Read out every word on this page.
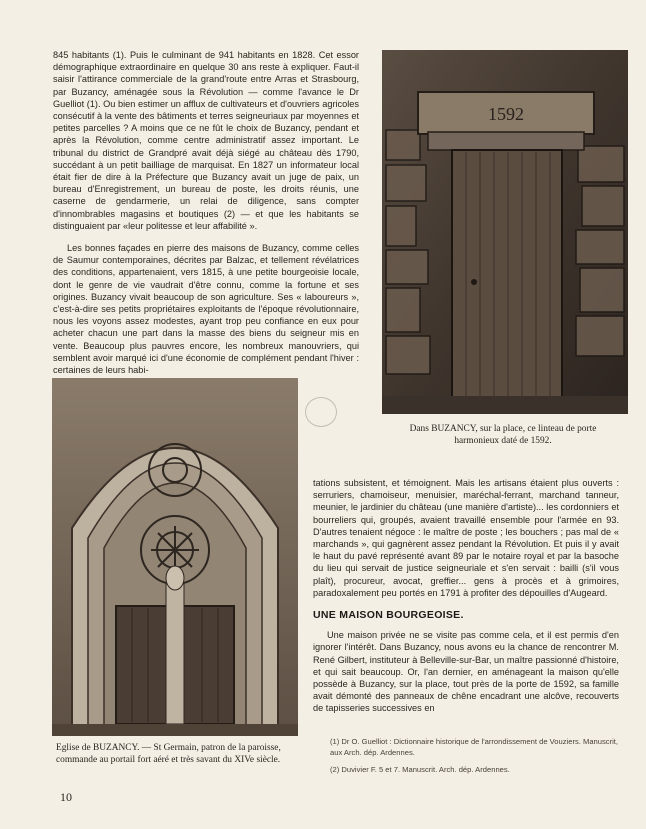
845 habitants (1). Puis le culminant de 941 habitants en 1828. Cet essor démographique extraordinaire en quelque 30 ans reste à expliquer. Faut-il saisir l'attirance commerciale de la grand'route entre Arras et Strasbourg, par Buzancy, aménagée sous la Révolution — comme l'avance le Dr Guelliot (1). Ou bien estimer un afflux de cultivateurs et d'ouvriers agricoles consécutif à la vente des bâtiments et terres seigneuriaux par moyennes et petites parcelles ? A moins que ce ne fût le choix de Buzancy, pendant et après la Révolution, comme centre administratif assez important. Le tribunal du district de Grandpré avait déjà siégé au château dès 1790, succédant à un petit bailliage de marquisat. En 1827 un informateur local était fier de dire à la Préfecture que Buzancy avait un juge de paix, un bureau d'Enregistrement, un bureau de poste, les droits réunis, une caserne de gendarmerie, un relai de diligence, sans compter d'innombrables magasins et boutiques (2) — et que les habitants se distinguaient par «leur politesse et leur affabilité ».

Les bonnes façades en pierre des maisons de Buzancy, comme celles de Saumur contemporaines, décrites par Balzac, et tellement révélatrices des conditions, appartenaient, vers 1815, à une petite bourgeoisie locale, dont le genre de vie vaudrait d'être connu, comme la fortune et ses origines. Buzancy vivait beaucoup de son agriculture. Ses « laboureurs », c'est-à-dire ses petits propriétaires exploitants de l'époque révolutionnaire, nous les voyons assez modestes, ayant trop peu confiance en eux pour acheter chacun une part dans la masse des biens du seigneur mis en vente. Beaucoup plus pauvres encore, les nombreux manouvriers, qui semblent avoir marqué ici d'une économie de complément pendant l'hiver : certaines de leurs habi-

1592
Dans BUZANCY, sur la place, ce linteau de porte harmonieux daté de 1592.
Eglise de BUZANCY. — St Germain, patron de la paroisse, commande au portail fort aéré et très savant du XIVe siècle.

tations subsistent, et témoignent. Mais les artisans étaient plus ouverts : serruriers, chamoiseur, menuisier, maréchal-ferrant, marchand tanneur, meunier, le jardinier du château (une manière d'artiste)... les cordonniers et bourreliers qui, groupés, avaient travaillé ensemble pour l'armée en 93. D'autres tenaient négoce : le maître de poste ; les bouchers ; pas mal de « marchands », qui gagnèrent assez pendant la Révolution. Et puis il y avait le haut du pavé représenté avant 89 par le notaire royal et par la basoche du lieu qui servait de justice seigneuriale et s'en servait : bailli (s'il vous plaît), procureur, avocat, greffier... gens à procès et à grimoires, paradoxalement peu portés en 1791 à profiter des dépouilles d'Augeard.

UNE MAISON BOURGEOISE.

Une maison privée ne se visite pas comme cela, et il est permis d'en ignorer l'intérêt. Dans Buzancy, nous avons eu la chance de rencontrer M. René Gilbert, instituteur à Belleville-sur-Bar, un maître passionné d'histoire, et qui sait beaucoup. Or, l'an dernier, en aménageant la maison qu'elle possède à Buzancy, sur la place, tout près de la porte de 1592, sa famille avait démonté des panneaux de chêne encadrant une alcôve, recouverts de tapisseries successives en

(1) Dr O. Guelliot : Dictionnaire historique de l'arrondissement de Vouziers. Manuscrit, aux Arch. dép. Ardennes.
(2) Duvivier F. 5 et 7. Manuscrit. Arch. dép. Ardennes.
10
